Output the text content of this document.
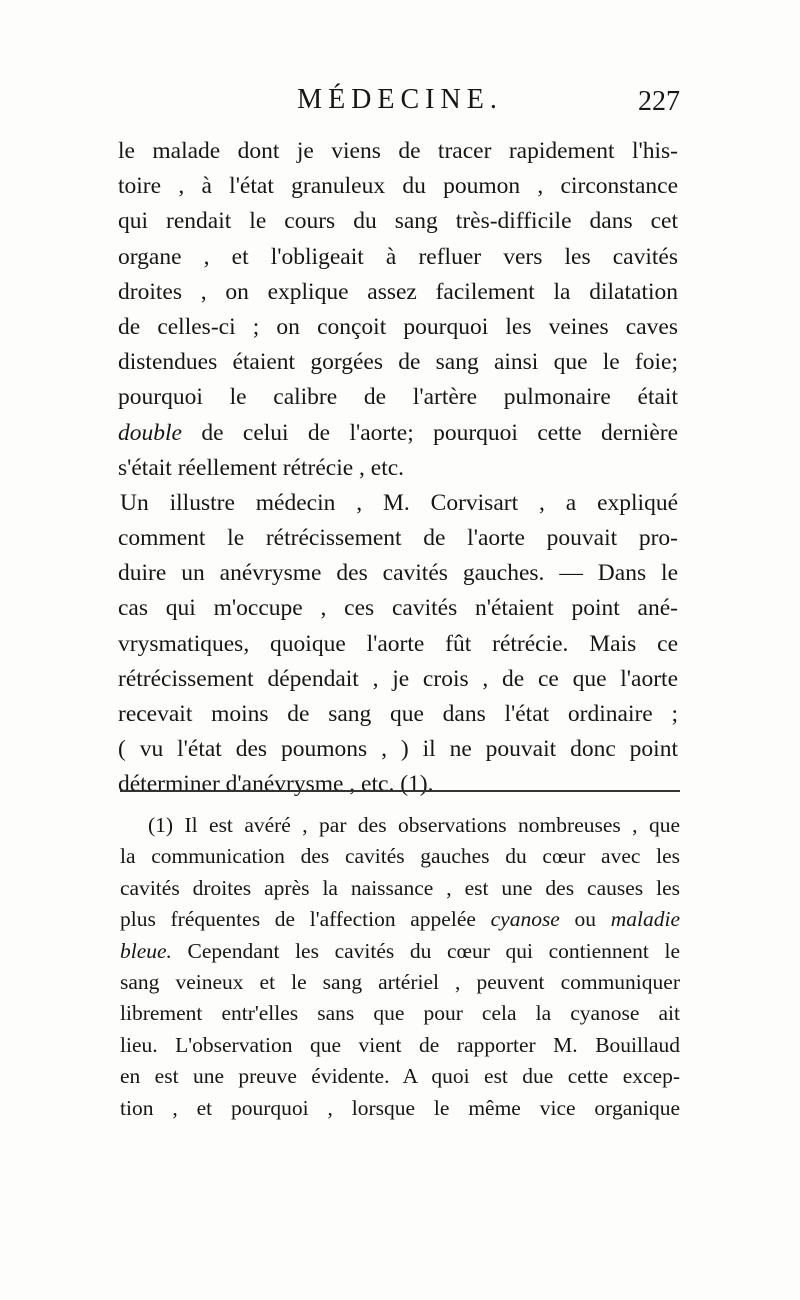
MÉDECINE.	227
le malade dont je viens de tracer rapidement l'his-
toire , à l'état granuleux du poumon , circonstance
qui rendait le cours du sang très-difficile dans cet
organe , et l'obligeait à refluer vers les cavités
droites , on explique assez facilement la dilatation
de celles-ci ; on conçoit pourquoi les veines caves
distendues étaient gorgées de sang ainsi que le foie;
pourquoi le calibre de l'artère pulmonaire était
double de celui de l'aorte; pourquoi cette dernière
s'était réellement rétrécie , etc.
Un illustre médecin , M. Corvisart , a expliqué
comment le rétrécissement de l'aorte pouvait pro-
duire un anévrysme des cavités gauches. — Dans le
cas qui m'occupe , ces cavités n'étaient point ané-
vrysmatiques, quoique l'aorte fût rétrécie. Mais ce
rétrécissement dépendait , je crois , de ce que l'aorte
recevait moins de sang que dans l'état ordinaire ;
( vu l'état des poumons , ) il ne pouvait donc point
déterminer d'anévrysme , etc. (1).
(1) Il est avéré , par des observations nombreuses , que
la communication des cavités gauches du cœur avec les
cavités droites après la naissance , est une des causes les
plus fréquentes de l'affection appelée cyanose ou maladie
bleue. Cependant les cavités du cœur qui contiennent le
sang veineux et le sang artériel , peuvent communiquer
librement entr'elles sans que pour cela la cyanose ait
lieu. L'observation que vient de rapporter M. Bouillaud
en est une preuve évidente. A quoi est due cette excep-
tion , et pourquoi , lorsque le même vice organique
